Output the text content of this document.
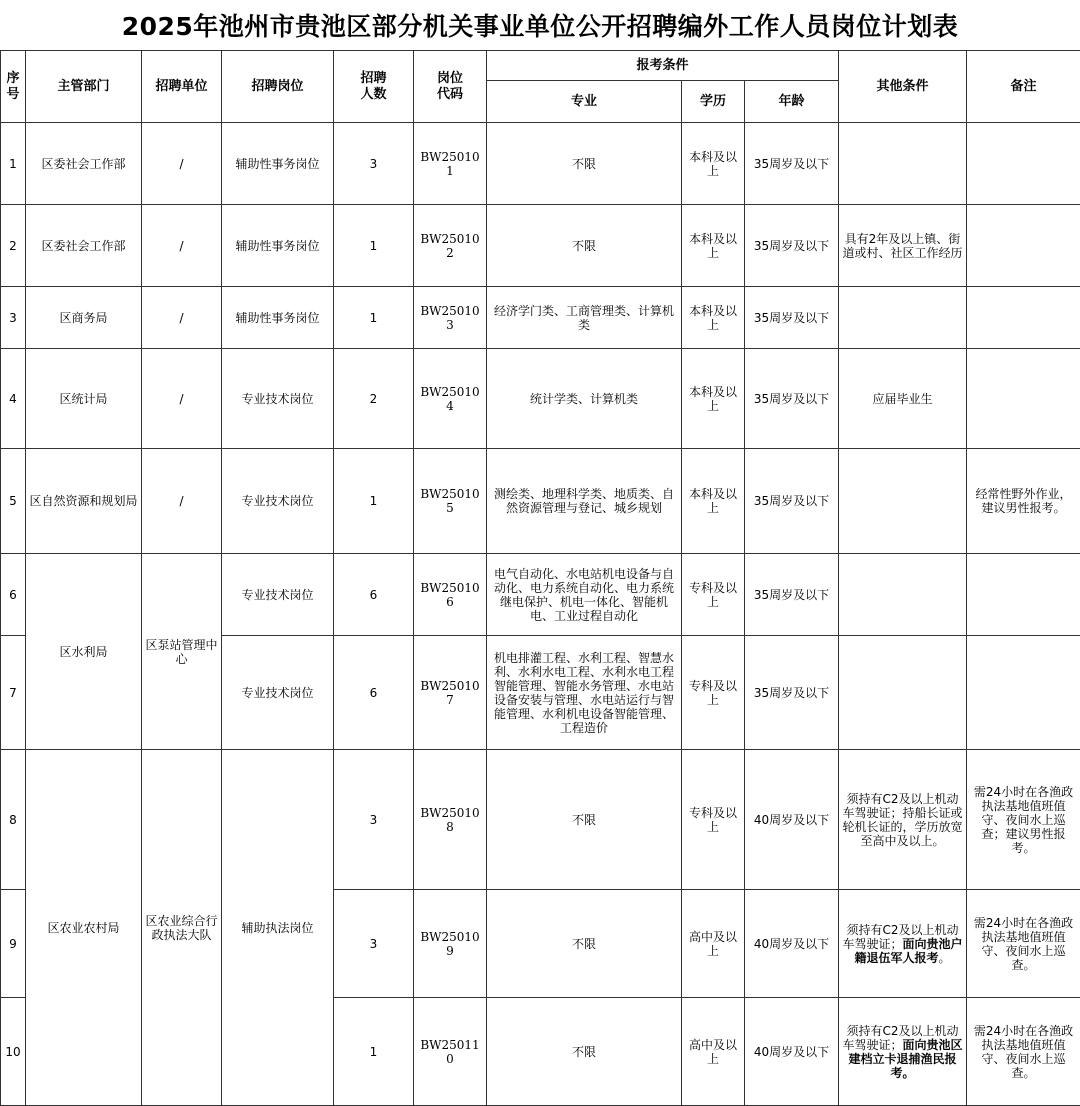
2025年池州市贵池区部分机关事业单位公开招聘编外工作人员岗位计划表
序号	主管部门	招聘单位	招聘岗位	招聘人数	岗位代码	报考条件			其他条件	备注
						专业	学历	年龄		
1	区委社会工作部	/	辅助性事务岗位	3	BW250101	不限	本科及以上	35周岁及以下		
2	区委社会工作部	/	辅助性事务岗位	1	BW250102	不限	本科及以上	35周岁及以下	具有2年及以上镇、街道或村、社区工作经历	
3	区商务局	/	辅助性事务岗位	1	BW250103	经济学门类、工商管理类、计算机类	本科及以上	35周岁及以下		
4	区统计局	/	专业技术岗位	2	BW250104	统计学类、计算机类	本科及以上	35周岁及以下	应届毕业生	
5	区自然资源和规划局	/	专业技术岗位	1	BW250105	测绘类、地理科学类、地质类、自然资源管理与登记、城乡规划	本科及以上	35周岁及以下		经常性野外作业，建议男性报考。
6	区水利局	区泵站管理中心	专业技术岗位	6	BW250106	电气自动化、水电站机电设备与自动化、电力系统自动化、电力系统继电保护、机电一体化、智能机电、工业过程自动化	专科及以上	35周岁及以下		
7			专业技术岗位	6	BW250107	机电排灌工程、水利工程、智慧水利、水利水电工程、水利水电工程智能管理、智能水务管理、水电站设备安装与管理、水电站运行与智能管理、水利机电设备智能管理、工程造价	专科及以上	35周岁及以下		
8	区农业农村局	区农业综合行政执法大队	辅助执法岗位	3	BW250108	不限	专科及以上	40周岁及以下	须持有C2及以上机动车驾驶证；持船长证或轮机长证的，学历放宽至高中及以上。	需24小时在各渔政执法基地值班值守、夜间水上巡查；建议男性报考。
9				3	BW250109	不限	高中及以上	40周岁及以下	须持有C2及以上机动车驾驶证；面向贵池户籍退伍军人报考。	需24小时在各渔政执法基地值班值守、夜间水上巡查。
10				1	BW250110	不限	高中及以上	40周岁及以下	须持有C2及以上机动车驾驶证；面向贵池区建档立卡退捕渔民报考。	需24小时在各渔政执法基地值班值守、夜间水上巡查。
